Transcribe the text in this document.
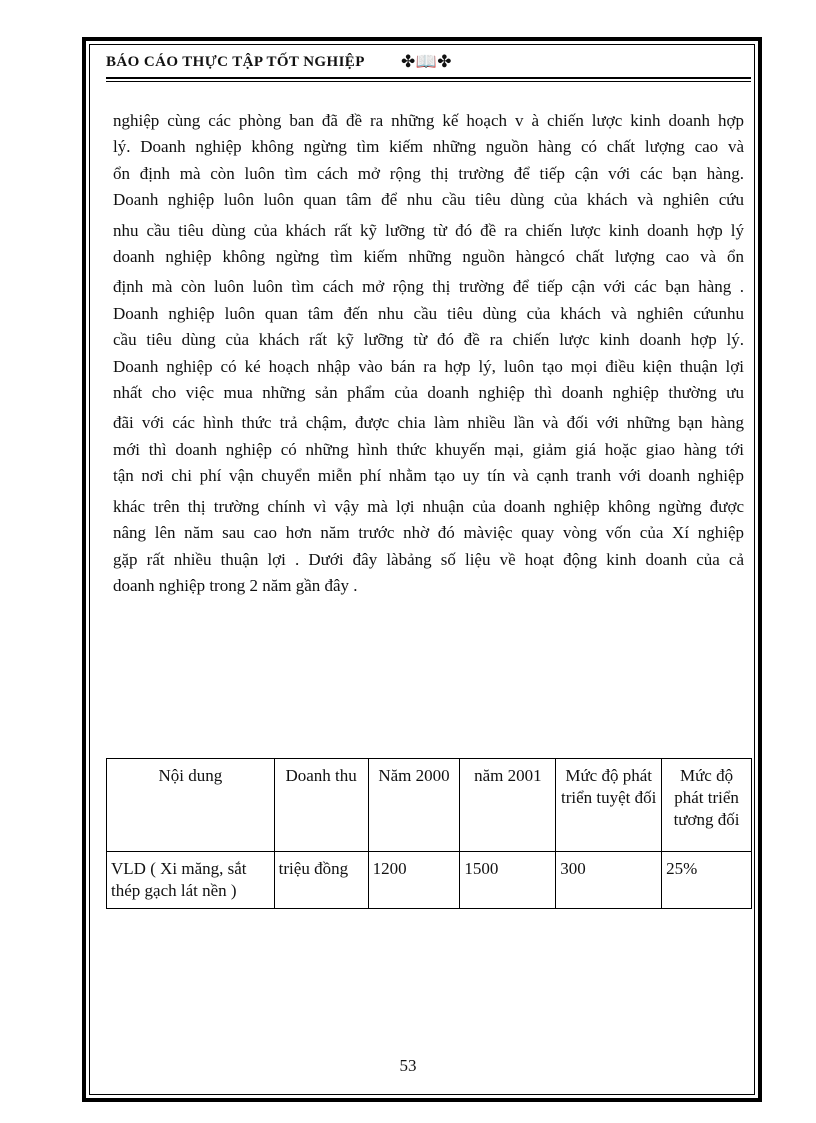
BÁO CÁO THỰC TẬP TỐT NGHIỆP ✤📖✤

nghiệp cùng các phòng ban đã đề ra những kế hoạch v à chiến lược kinh doanh hợp

lý. Doanh nghiệp không ngừng tìm kiếm những nguồn hàng có chất lượng cao và

ổn định mà còn luôn tìm cách mở rộng thị trường để tiếp cận với các bạn hàng.

Doanh nghiệp luôn luôn quan tâm để nhu cầu tiêu dùng của khách và nghiên cứu

nhu cầu tiêu dùng của khách rất kỹ lưỡng từ đó đề ra chiến lược kinh doanh hợp lý

doanh nghiệp không ngừng tìm kiếm những nguồn hàngcó chất lượng cao và ổn

định mà còn luôn luôn tìm cách mở rộng thị trường để tiếp cận với các bạn hàng .

Doanh nghiệp luôn quan tâm đến nhu cầu tiêu dùng của khách và nghiên cứunhu

cầu tiêu dùng của khách rất kỹ lưỡng từ đó đề ra chiến lược kinh doanh hợp lý.

Doanh nghiệp có ké hoạch nhập vào bán ra hợp lý, luôn tạo mọi điều kiện thuận lợi

nhất cho việc mua những sản phẩm của doanh nghiệp thì doanh nghiệp thường ưu

đãi với các hình thức trả chậm, được chia làm nhiều lần và đối với những bạn hàng

mới thì doanh nghiệp có những hình thức khuyến mại, giảm giá hoặc giao hàng tới

tận nơi chi phí vận chuyển miễn phí nhằm tạo uy tín và cạnh tranh với doanh nghiệp

khác trên thị trường chính vì vậy mà lợi nhuận của doanh nghiệp không ngừng được

nâng lên năm sau cao hơn năm trước nhờ đó màviệc quay vòng vốn của Xí nghiệp

gặp rất nhiều thuận lợi . Dưới đây làbảng số liệu về hoạt động kinh doanh của cả

doanh nghiệp trong 2 năm gần đây .

Nội dung	Doanh thu	Năm 2000	năm 2001	Mức độ phát triển tuyệt đối	Mức độ phát triển tương đối
VLD ( Xi măng, sắt thép gạch lát nền )	triệu đồng	1200	1500	300	25%
53
